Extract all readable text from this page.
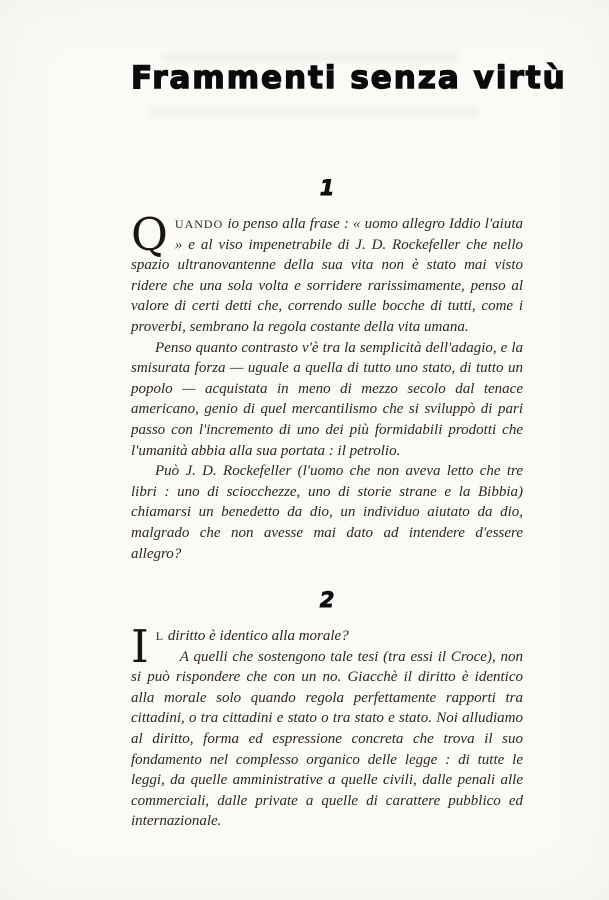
Frammenti senza virtù
1
Q UANDO io penso alla frase : « uomo allegro Iddio l'aiuta » e al viso impenetrabile di J. D. Rockefeller che nello spazio ultranovantenne della sua vita non è stato mai visto ridere che una sola volta e sorridere rarissimamente, penso al valore di certi detti che, correndo sulle bocche di tutti, come i proverbi, sembrano la regola costante della vita umana.

Penso quanto contrasto v'è tra la semplicità dell'adagio, e la smisurata forza — uguale a quella di tutto uno stato, di tutto un popolo — acquistata in meno di mezzo secolo dal tenace americano, genio di quel mercantilismo che si sviluppò di pari passo con l'incremento di uno dei più formidabili prodotti che l'umanità abbia alla sua portata : il petrolio.

Può J. D. Rockefeller (l'uomo che non aveva letto che tre libri : uno di sciocchezze, uno di storie strane e la Bibbia) chiamarsi un benedetto da dio, un individuo aiutato da dio, malgrado che non avesse mai dato ad intendere d'essere allegro?

2
I L diritto è identico alla morale?

A quelli che sostengono tale tesi (tra essi il Croce), non si può rispondere che con un no. Giacchè il diritto è identico alla morale solo quando regola perfettamente rapporti tra cittadini, o tra cittadini e stato o tra stato e stato. Noi alludiamo al diritto, forma ed espressione concreta che trova il suo fondamento nel complesso organico delle legge : di tutte le leggi, da quelle amministrative a quelle civili, dalle penali alle commerciali, dalle private a quelle di carattere pubblico ed internazionale.
